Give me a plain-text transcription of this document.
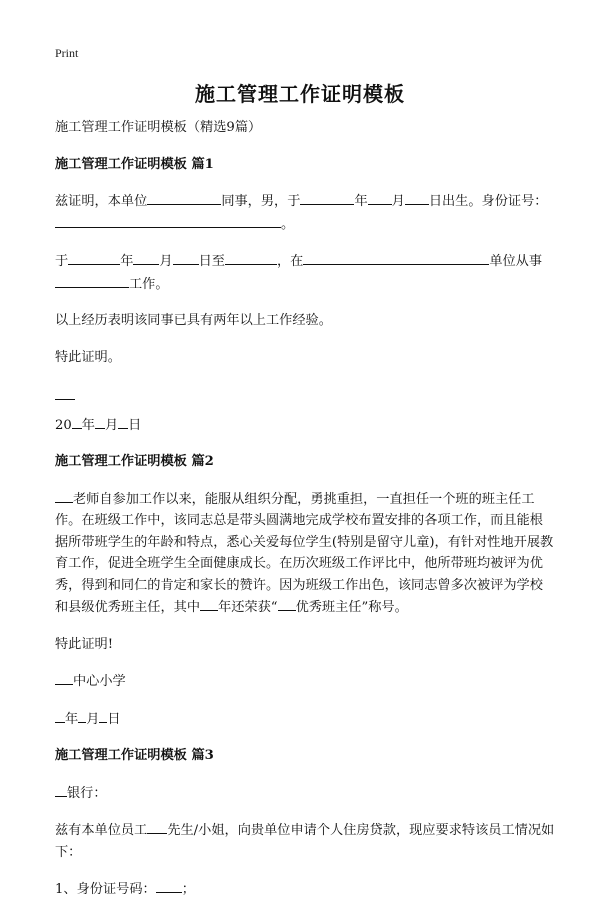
Print
施工管理工作证明模板

施工管理工作证明模板（精选9篇）

施工管理工作证明模板 篇1

兹证明，本单位	同事，男，于	年 月 日出生。身份证号：。

于	年 月 日至	，在	单位从事工作。

以上经历表明该同事已具有两年以上工作经验。

特此证明。

20 年 月 日

施工管理工作证明模板 篇2

老师自参加工作以来，能服从组织分配，勇挑重担，一直担任一个班的班主任工作。在班级工作中，该同志总是带头圆满地完成学校布置安排的各项工作，而且能根据所带班学生的年龄和特点，悉心关爱每位学生(特别是留守儿童)，有针对性地开展教育工作，促进全班学生全面健康成长。在历次班级工作评比中，他所带班均被评为优秀，得到和同仁的肯定和家长的赞许。因为班级工作出色，该同志曾多次被评为学校和县级优秀班主任，其中 年还荣获“ 优秀班主任”称号。

特此证明!

中心小学

年 月 日

施工管理工作证明模板 篇3

银行：

兹有本单位员工 先生/小姐，向贵单位申请个人住房贷款，现应要求特该员工情况如下：

1、身份证号码： ；
